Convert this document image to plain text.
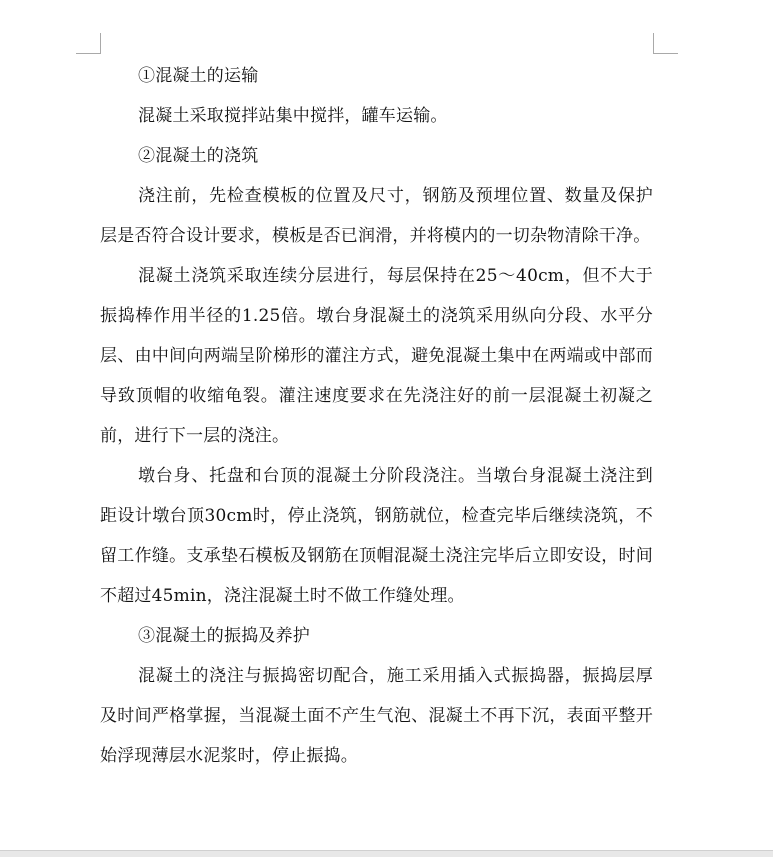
①混凝土的运输

混凝土采取搅拌站集中搅拌，罐车运输。

②混凝土的浇筑

浇注前，先检查模板的位置及尺寸，钢筋及预埋位置、数量及保护层是否符合设计要求，模板是否已润滑，并将模内的一切杂物清除干净。

混凝土浇筑采取连续分层进行，每层保持在25～40cm，但不大于振捣棒作用半径的1.25倍。墩台身混凝土的浇筑采用纵向分段、水平分层、由中间向两端呈阶梯形的灌注方式，避免混凝土集中在两端或中部而导致顶帽的收缩龟裂。灌注速度要求在先浇注好的前一层混凝土初凝之前，进行下一层的浇注。

墩台身、托盘和台顶的混凝土分阶段浇注。当墩台身混凝土浇注到距设计墩台顶30cm时，停止浇筑，钢筋就位，检查完毕后继续浇筑，不留工作缝。支承垫石模板及钢筋在顶帽混凝土浇注完毕后立即安设，时间不超过45min，浇注混凝土时不做工作缝处理。

③混凝土的振捣及养护

混凝土的浇注与振捣密切配合，施工采用插入式振捣器，振捣层厚及时间严格掌握，当混凝土面不产生气泡、混凝土不再下沉，表面平整开始浮现薄层水泥浆时，停止振捣。
